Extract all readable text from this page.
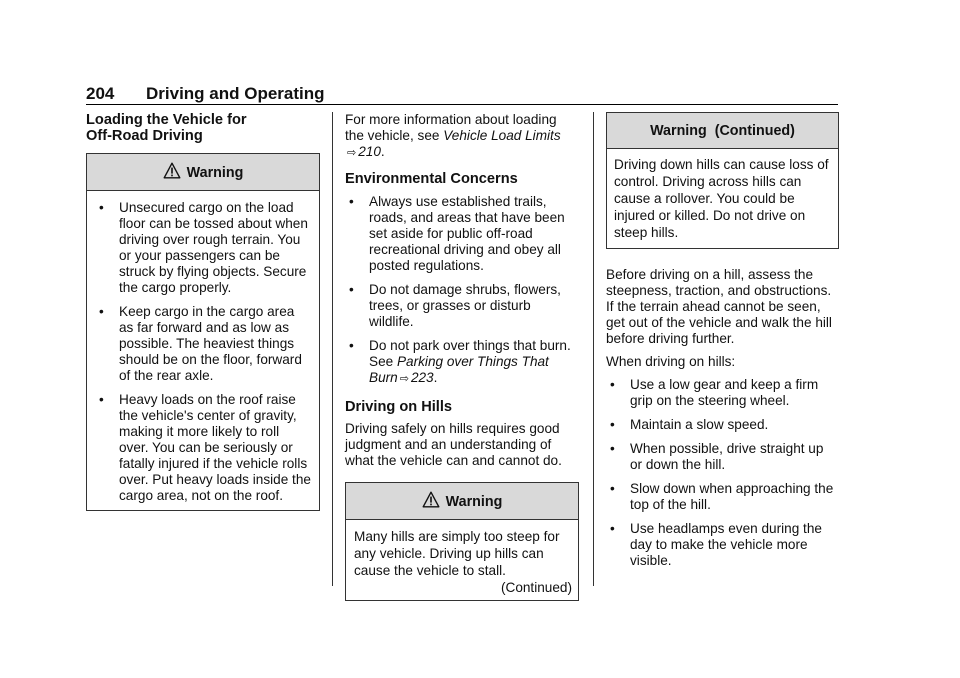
204 Driving and Operating
Loading the Vehicle for
Off-Road Driving
Warning
• Unsecured cargo on the load floor can be tossed about when driving over rough terrain. You or your passengers can be struck by flying objects. Secure the cargo properly.
• Keep cargo in the cargo area as far forward and as low as possible. The heaviest things should be on the floor, forward of the rear axle.
• Heavy loads on the roof raise the vehicle's center of gravity, making it more likely to roll over. You can be seriously or fatally injured if the vehicle rolls over. Put heavy loads inside the cargo area, not on the roof.

For more information about loading the vehicle, see Vehicle Load Limits
⇨ 210.

Environmental Concerns
• Always use established trails, roads, and areas that have been set aside for public off-road recreational driving and obey all posted regulations.
• Do not damage shrubs, flowers, trees, or grasses or disturb wildlife.
• Do not park over things that burn. See Parking over Things That Burn ⇨ 223.
Driving on Hills

Driving safely on hills requires good judgment and an understanding of what the vehicle can and cannot do.

Warning

Many hills are simply too steep for any vehicle. Driving up hills can cause the vehicle to stall.

(Continued)

Warning  (Continued)

Driving down hills can cause loss of control. Driving across hills can cause a rollover. You could be injured or killed. Do not drive on steep hills.

Before driving on a hill, assess the steepness, traction, and obstructions. If the terrain ahead cannot be seen, get out of the vehicle and walk the hill before driving further.

When driving on hills:

• Use a low gear and keep a firm grip on the steering wheel.
• Maintain a slow speed.
• When possible, drive straight up or down the hill.
• Slow down when approaching the top of the hill.
• Use headlamps even during the day to make the vehicle more visible.
